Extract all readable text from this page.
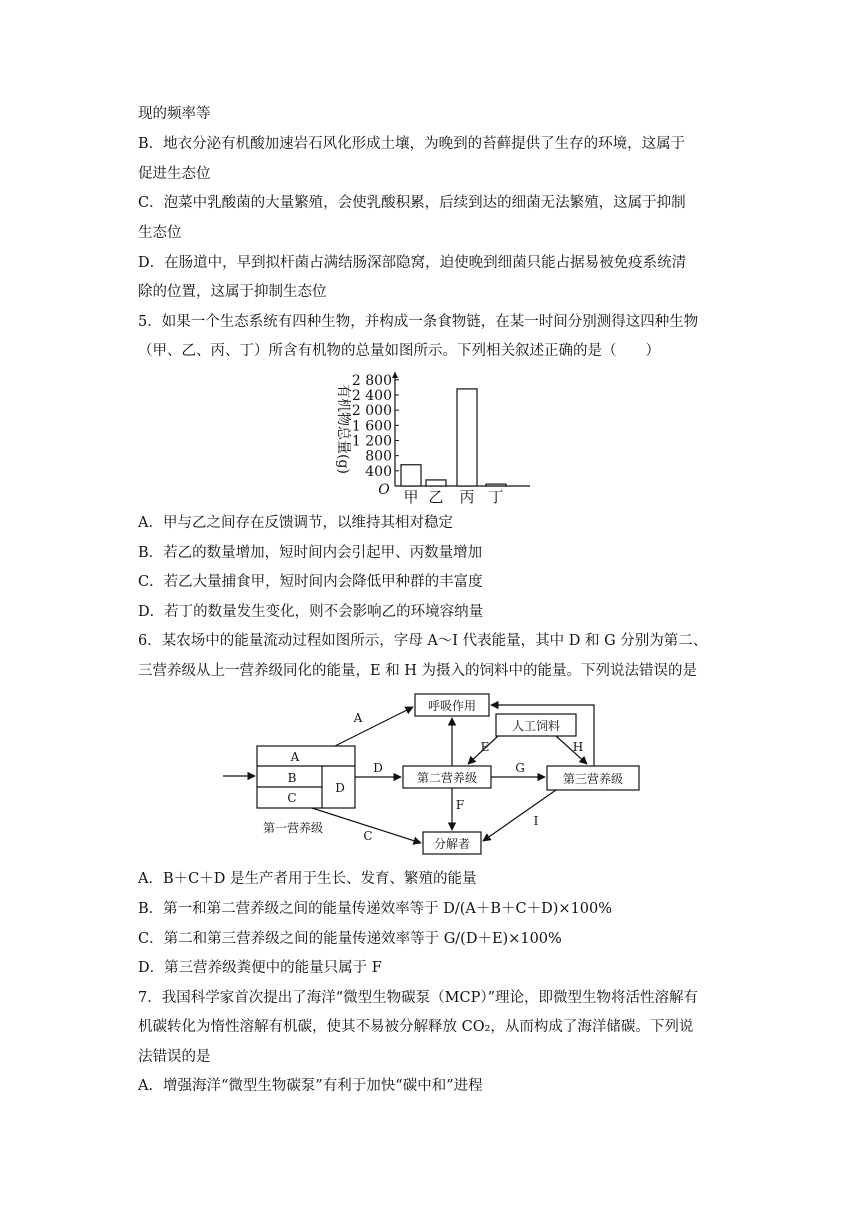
现的频率等
B．地衣分泌有机酸加速岩石风化形成土壤，为晚到的苔藓提供了生存的环境，这属于
促进生态位
C．泡菜中乳酸菌的大量繁殖，会使乳酸积累，后续到达的细菌无法繁殖，这属于抑制
生态位
D．在肠道中，早到拟杆菌占满结肠深部隐窝，迫使晚到细菌只能占据易被免疫系统清
除的位置，这属于抑制生态位
5．如果一个生态系统有四种生物，并构成一条食物链，在某一时间分别测得这四种生物
（甲、乙、丙、丁）所含有机物的总量如图所示。下列相关叙述正确的是（　　）
400
800
1 200
1 600
2 000
2 400
2 800
O
有机物总量(g)
甲 乙 丙 丁
A．甲与乙之间存在反馈调节，以维持其相对稳定
B．若乙的数量增加，短时间内会引起甲、丙数量增加
C．若乙大量捕食甲，短时间内会降低甲种群的丰富度
D．若丁的数量发生变化，则不会影响乙的环境容纳量
6．某农场中的能量流动过程如图所示，字母 A～I 代表能量，其中 D 和 G 分别为第二、
三营养级从上一营养级同化的能量，E 和 H 为摄入的饲料中的能量。下列说法错误的是
A
B
C
D
第一营养级
呼吸作用
人工饲料
第二营养级	第三营养级
分解者
A
D
E	H
G
F
C
I
A．B＋C＋D 是生产者用于生长、发育、繁殖的能量
B．第一和第二营养级之间的能量传递效率等于 D/(A＋B＋C＋D)×100%
C．第二和第三营养级之间的能量传递效率等于 G/(D＋E)×100%
D．第三营养级粪便中的能量只属于 F
7．我国科学家首次提出了海洋“微型生物碳泵（MCP）”理论，即微型生物将活性溶解有
机碳转化为惰性溶解有机碳，使其不易被分解释放 CO₂，从而构成了海洋储碳。下列说
法错误的是
A．增强海洋“微型生物碳泵”有利于加快“碳中和”进程
